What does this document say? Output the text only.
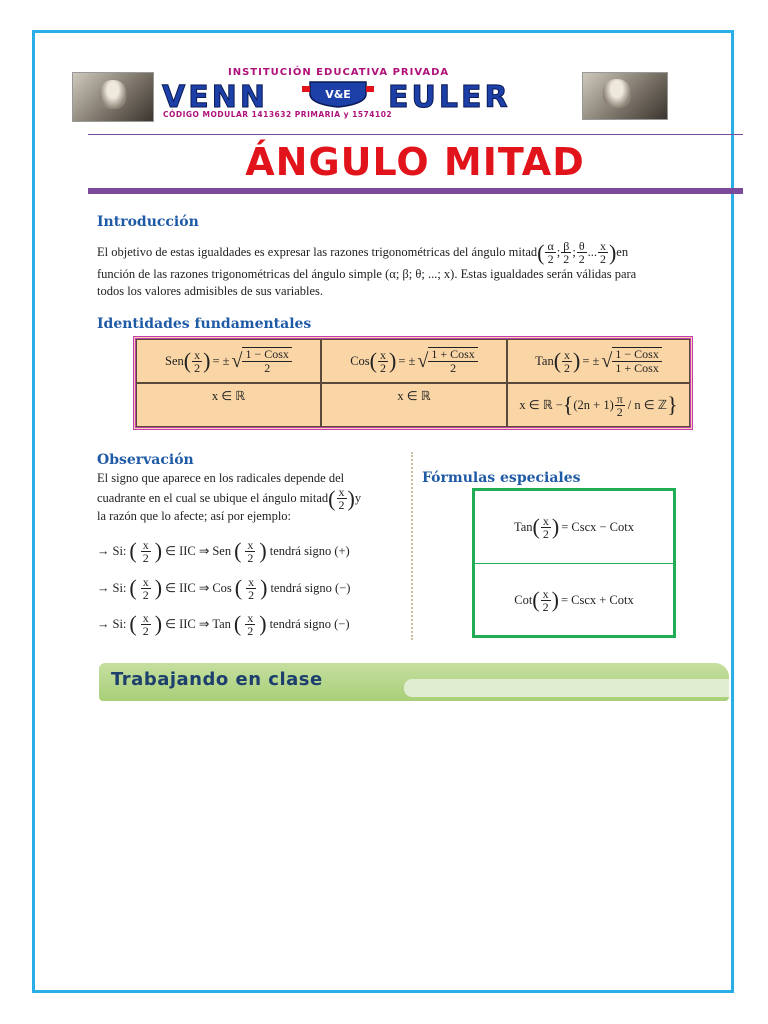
INSTITUCIÓN EDUCATIVA PRIVADA
VENN	V&E EULER
CÓDIGO MODULAR 1413632 PRIMARIA y 1574102
ÁNGULO MITAD
Introducción
El objetivo de estas igualdades es expresar las razones trigonométricas del ángulo mitad ( $\frac{\alpha}{2}$ ; $\frac{\beta}{2}$ ; $\frac{\theta}{2}$ ... $\frac{x}{2}$ ) en
función de las razones trigonométricas del ángulo simple (α; β; θ; ...; x). Estas igualdades serán válidas para
todos los valores admisibles de sus variables.
Identidades fundamentales
Sen ( $\frac{x}{2}$ ) = ± √ 1 − Cosx
2
Cos ( $\frac{x}{2}$ ) = ± √ 1 + Cosx
2
Tan ( $\frac{x}{2}$ ) = ± √ 1 − Cosx
1 + Cosx
x ∈ ℝ	x ∈ ℝ
x ∈ ℝ − { $(2n + 1) \frac{\pi}{2} / n$ ∈ ℤ }
Observación
El signo que aparece en los radicales depende del
cuadrante en el cual se ubique el ángulo mitad ( $\frac{x}{2}$ ) y
la razón que lo afecte; así por ejemplo:
→ Si: ( $\frac{x}{2}$ ) ∈ IIC ⇒ Sen ( $\frac{x}{2}$ ) tendrá signo (+)
→ Si: ( $\frac{x}{2}$ ) ∈ IIC ⇒ Cos ( $\frac{x}{2}$ ) tendrá signo (−)
→ Si: ( $\frac{x}{2}$ ) ∈ IIC ⇒ Tan ( $\frac{x}{2}$ ) tendrá signo (−)
Fórmulas especiales
Tan ( $\frac{x}{2}$ ) = Cscx − Cotx
Cot ( $\frac{x}{2}$ ) = Cscx + Cotx
Trabajando en clase
